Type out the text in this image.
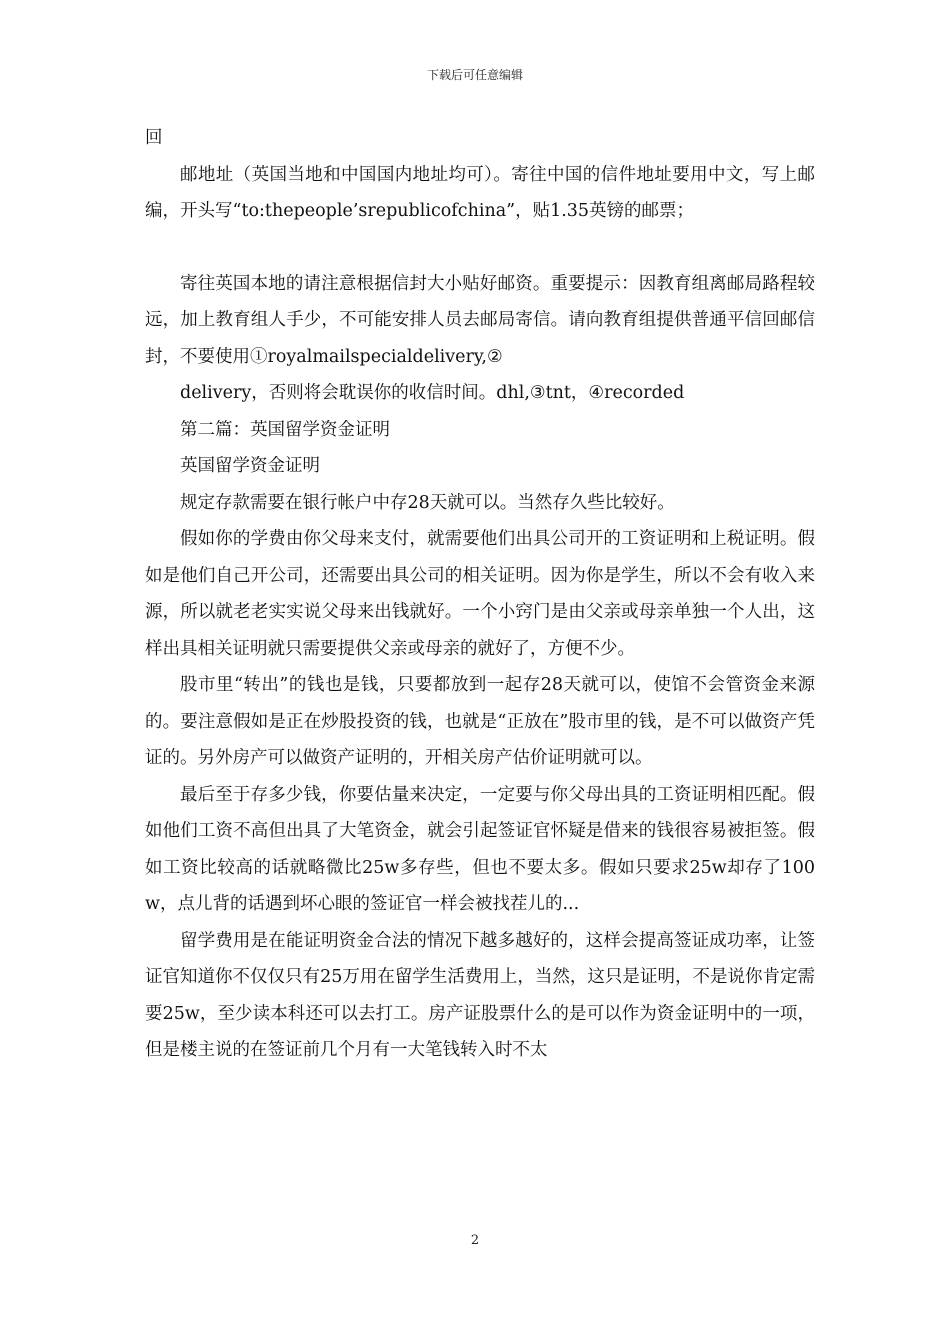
下载后可任意编辑

回

邮地址（英国当地和中国国内地址均可）。寄往中国的信件地址要用中文，写上邮编，开头写“to:thepeople’srepublicofchina”，贴1.35英镑的邮票；

寄往英国本地的请注意根据信封大小贴好邮资。重要提示：因教育组离邮局路程较远，加上教育组人手少，不可能安排人员去邮局寄信。请向教育组提供普通平信回邮信封，不要使用①royalmailspecialdelivery,②

delivery，否则将会耽误你的收信时间。dhl,③tnt，④recorded

第二篇：英国留学资金证明

英国留学资金证明

规定存款需要在银行帐户中存28天就可以。当然存久些比较好。

假如你的学费由你父母来支付，就需要他们出具公司开的工资证明和上税证明。假如是他们自己开公司，还需要出具公司的相关证明。因为你是学生，所以不会有收入来源，所以就老老实实说父母来出钱就好。一个小窍门是由父亲或母亲单独一个人出，这样出具相关证明就只需要提供父亲或母亲的就好了，方便不少。

股市里“转出”的钱也是钱，只要都放到一起存28天就可以，使馆不会管资金来源的。要注意假如是正在炒股投资的钱，也就是“正放在”股市里的钱，是不可以做资产凭证的。另外房产可以做资产证明的，开相关房产估价证明就可以。

最后至于存多少钱，你要估量来决定，一定要与你父母出具的工资证明相匹配。假如他们工资不高但出具了大笔资金，就会引起签证官怀疑是借来的钱很容易被拒签。假如工资比较高的话就略微比25w多存些，但也不要太多。假如只要求25w却存了100w，点儿背的话遇到坏心眼的签证官一样会被找茬儿的...

留学费用是在能证明资金合法的情况下越多越好的，这样会提高签证成功率，让签证官知道你不仅仅只有25万用在留学生活费用上，当然，这只是证明，不是说你肯定需要25w，至少读本科还可以去打工。房产证股票什么的是可以作为资金证明中的一项，但是楼主说的在签证前几个月有一大笔钱转入时不太

2
